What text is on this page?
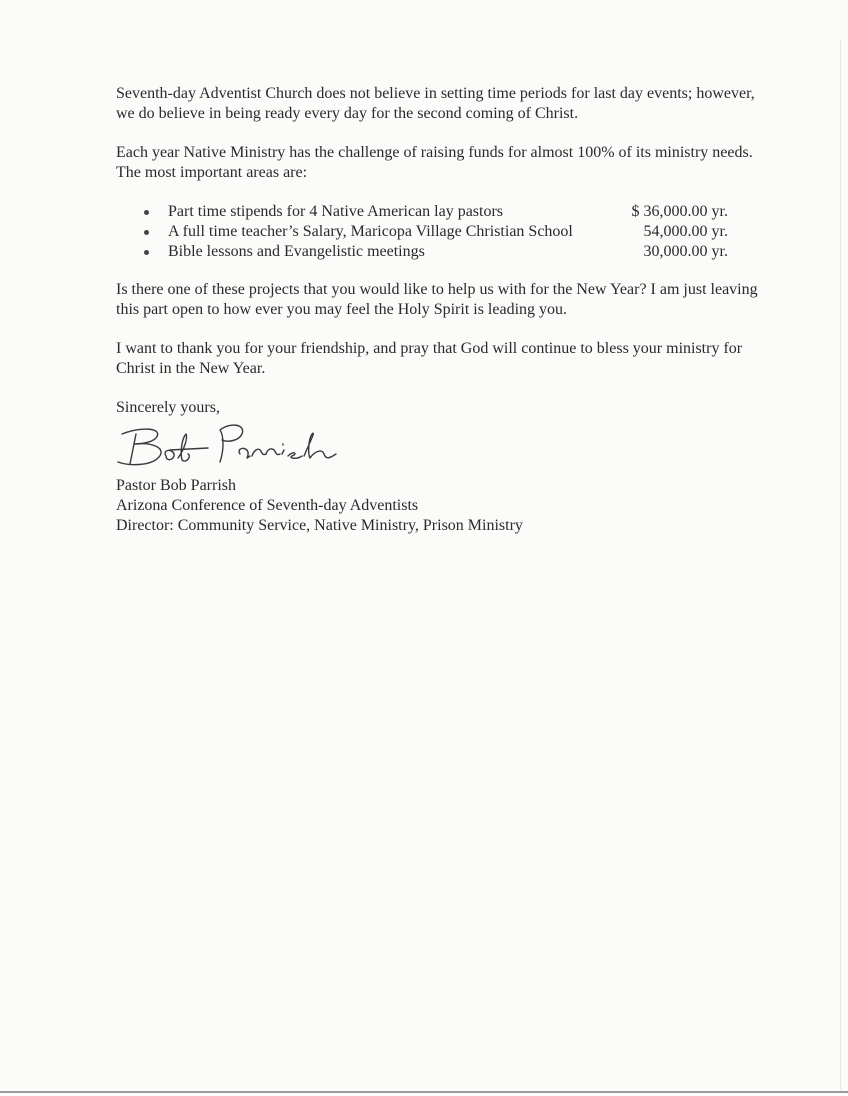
Seventh-day Adventist Church does not believe in setting time periods for last day events; however, we do believe in being ready every day for the second coming of Christ.

Each year Native Ministry has the challenge of raising funds for almost 100% of its ministry needs. The most important areas are:

Part time stipends for 4 Native American lay pastors	$ 36,000.00 yr.
A full time teacher’s Salary, Maricopa Village Christian School	54,000.00 yr.
Bible lessons and Evangelistic meetings	30,000.00 yr.

Is there one of these projects that you would like to help us with for the New Year? I am just leaving this part open to how ever you may feel the Holy Spirit is leading you.

I want to thank you for your friendship, and pray that God will continue to bless your ministry for Christ in the New Year.

Sincerely yours,

Pastor Bob Parrish
Arizona Conference of Seventh-day Adventists
Director: Community Service, Native Ministry, Prison Ministry
